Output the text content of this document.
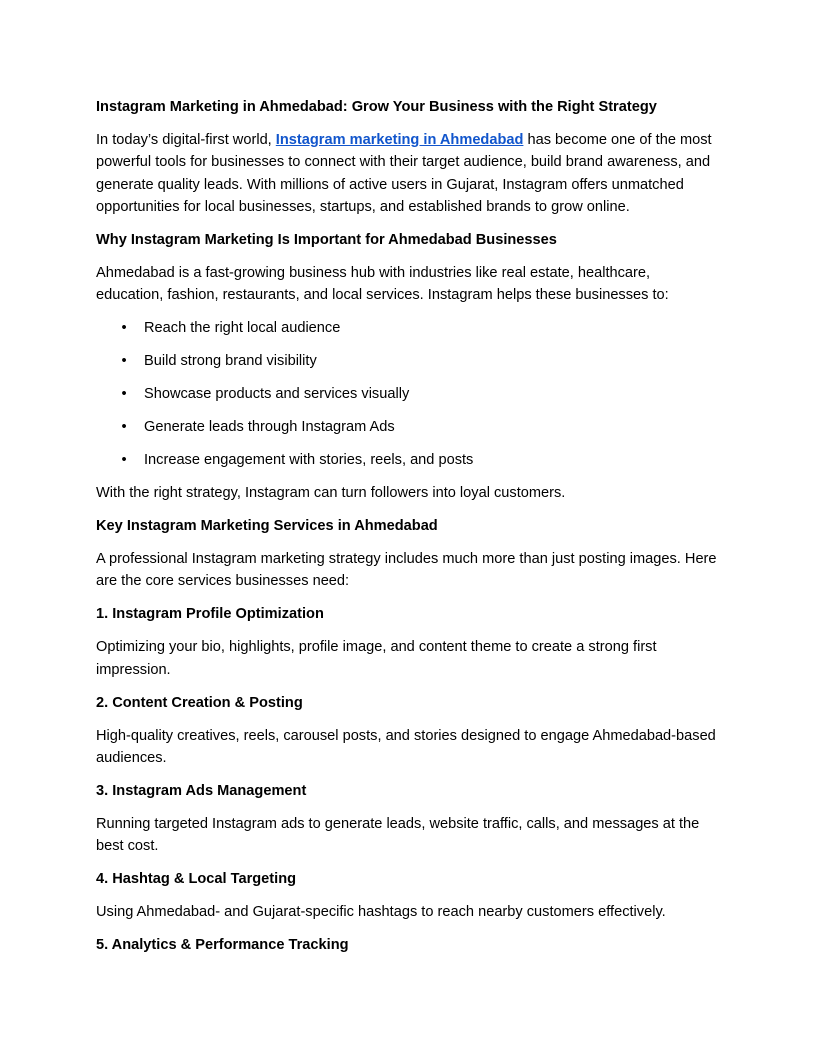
Instagram Marketing in Ahmedabad: Grow Your Business with the Right Strategy
In today’s digital-first world, Instagram marketing in Ahmedabad has become one of the most powerful tools for businesses to connect with their target audience, build brand awareness, and generate quality leads. With millions of active users in Gujarat, Instagram offers unmatched opportunities for local businesses, startups, and established brands to grow online.
Why Instagram Marketing Is Important for Ahmedabad Businesses
Ahmedabad is a fast-growing business hub with industries like real estate, healthcare, education, fashion, restaurants, and local services. Instagram helps these businesses to:
• Reach the right local audience
• Build strong brand visibility
• Showcase products and services visually
• Generate leads through Instagram Ads
• Increase engagement with stories, reels, and posts
With the right strategy, Instagram can turn followers into loyal customers.
Key Instagram Marketing Services in Ahmedabad
A professional Instagram marketing strategy includes much more than just posting images. Here are the core services businesses need:
1. Instagram Profile Optimization
Optimizing your bio, highlights, profile image, and content theme to create a strong first impression.
2. Content Creation & Posting
High-quality creatives, reels, carousel posts, and stories designed to engage Ahmedabad-based audiences.
3. Instagram Ads Management
Running targeted Instagram ads to generate leads, website traffic, calls, and messages at the best cost.
4. Hashtag & Local Targeting
Using Ahmedabad- and Gujarat-specific hashtags to reach nearby customers effectively.
5. Analytics & Performance Tracking
